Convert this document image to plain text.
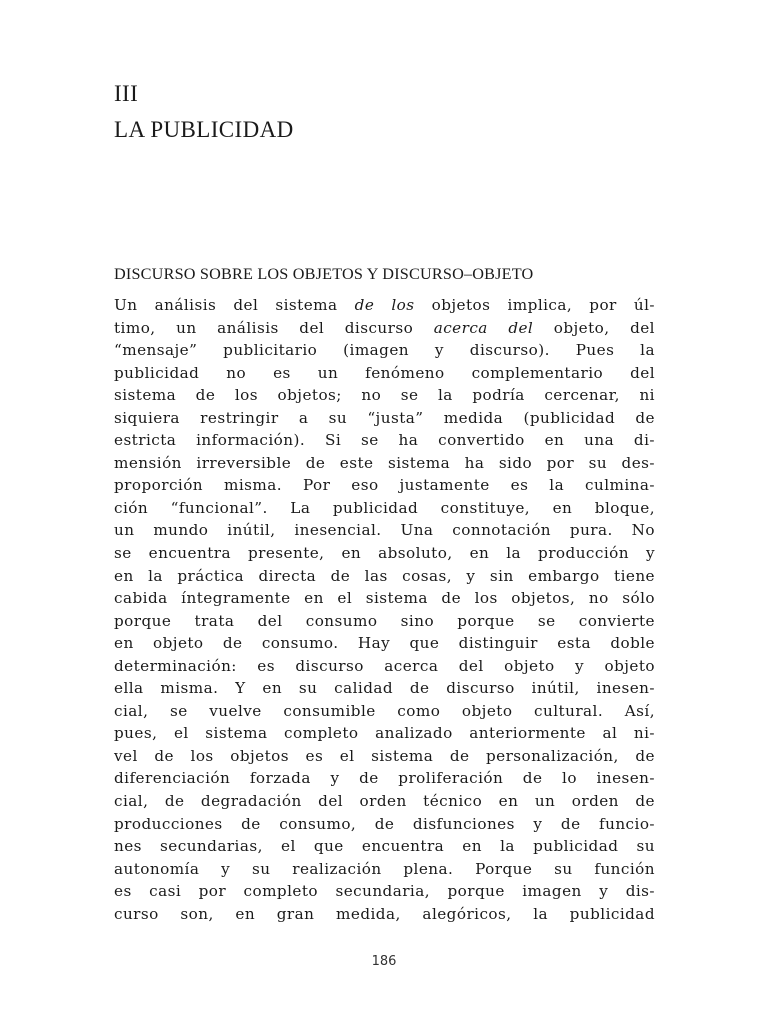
III
LA PUBLICIDAD
DISCURSO SOBRE LOS OBJETOS Y DISCURSO–OBJETO
Un análisis del sistema de los objetos implica, por úl-
timo, un análisis del discurso acerca del objeto, del
“mensaje” publicitario (imagen y discurso). Pues la
publicidad no es un fenómeno complementario del
sistema de los objetos; no se la podría cercenar, ni
siquiera restringir a su “justa” medida (publicidad de
estricta información). Si se ha convertido en una di-
mensión irreversible de este sistema ha sido por su des-
proporción misma. Por eso justamente es la culmina-
ción “funcional”. La publicidad constituye, en bloque,
un mundo inútil, inesencial. Una connotación pura. No
se encuentra presente, en absoluto, en la producción y
en la práctica directa de las cosas, y sin embargo tiene
cabida íntegramente en el sistema de los objetos, no sólo
porque trata del consumo sino porque se convierte
en objeto de consumo. Hay que distinguir esta doble
determinación: es discurso acerca del objeto y objeto
ella misma. Y en su calidad de discurso inútil, inesen-
cial, se vuelve consumible como objeto cultural. Así,
pues, el sistema completo analizado anteriormente al ni-
vel de los objetos es el sistema de personalización, de
diferenciación forzada y de proliferación de lo inesen-
cial, de degradación del orden técnico en un orden de
producciones de consumo, de disfunciones y de funcio-
nes secundarias, el que encuentra en la publicidad su
autonomía y su realización plena. Porque su función
es casi por completo secundaria, porque imagen y dis-
curso son, en gran medida, alegóricos, la publicidad
186
